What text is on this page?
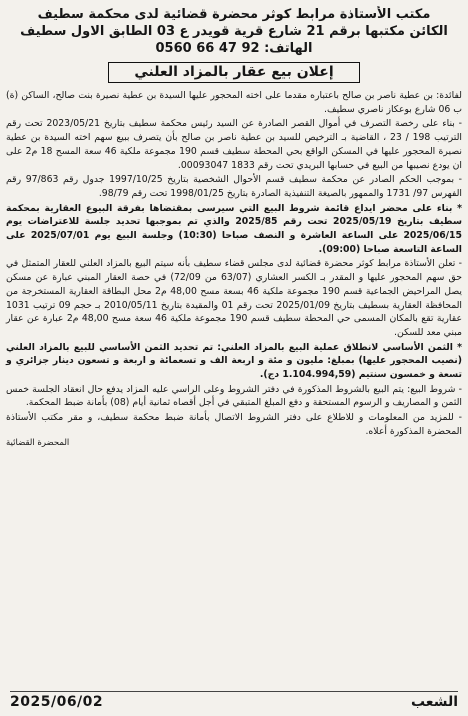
مكتب الأستاذة مرابط كوثر محضرة قضائية لدى محكمة سطيف
الكائن مكتبها برقم 21 شارع قرية قويدر ع 03 الطابق الاول سطيف
الهاتف: 0560 66 47 92
إعلان بيع عقار بالمزاد العلني

لفائدة: بن عطية ناصر بن صالح باعتباره مقدما على اخته المحجور عليها السيدة بن عطية نصيرة بنت صالح، الساكن (ة) ب 06 شارع بوعكاز ناصري سطيف.

- بناء على رخصة التصرف في أموال القصر الصادرة عن السيد رئيس محكمة سطيف بتاريخ 2023/05/21 تحت رقم الترتيب 198 / 23 ، القاضية بـ الترخيص للسيد بن عطية ناصر بن صالح بأن يتصرف ببيع سهم اخته السيدة بن عطية نصيرة المحجور عليها في المسكن الواقع بحي المحطة سطيف قسم 190 مجموعة ملكية 46 سعة المسح 18 م2 على ان يودع نصيبها من البيع في حسابها البريدي تحت رقم 1833 00093047.

- بموجب الحكم الصادر عن محكمة سطيف قسم الأحوال الشخصية بتاريخ 1997/10/25 جدول رقم 97/863 رقم الفهرس 97/ 1731 والممهور بالصيغة التنفيذية الصادرة بتاريخ 1998/01/25 تحت رقم 98/79.

* بناء على محضر ايداع قائمة شروط البيع التي سيرسى بمقتضاها بفرقة البيوع العقارية بمحكمة سطيف بتاريخ 2025/05/19 تحت رقم 2025/85 والذي تم بموجبها تحديد جلسة للاعتراضات يوم 2025/06/15 على الساعة العاشرة و النصف صباحا (10:30) وجلسة البيع يوم 2025/07/01 على الساعة التاسعة صباحا (09:00).

- تعلن الأستاذة مرابط كوثر محضرة قضائية لدى مجلس قضاء سطيف بأنه سيتم البيع بالمزاد العلني للعقار المتمثل في حق سهم المحجور عليها و المقدر بـ الكسر العشاري (63/07 من 72/09) في حصة العقار المبني عبارة عن مسكن يصل المراحيض الجماعية قسم 190 مجموعة ملكية 46 بسعة مسح 48,00 م2 محل البطاقة العقارية المستخرجة من المحافظة العقارية بسطيف بتاريخ 2025/01/09 تحت رقم 01 والمقيدة بتاريخ 2010/05/11 بـ حجم 09 ترتيب 1031 عقارية تقع بالمكان المسمى حي المحطة سطيف قسم 190 مجموعة ملكية 46 سعة مسح 48,00 م2 عبارة عن عقار مبني معد للسكن.

* الثمن الأساسي لانطلاق عملية البيع بالمزاد العلني: تم تحديد الثمن الأساسي للبيع بالمزاد العلني (نصيب المحجور عليها) بمبلغ: مليون و مئة و اربعة الف و تسعمائة و اربعة و تسعون دينار جزائري و تسعة و خمسون سنتيم (1.104.994,59 دج).

- شروط البيع: يتم البيع بالشروط المذكورة في دفتر الشروط وعلى الراسي عليه المزاد يدفع حال انعقاد الجلسة خمس الثمن و المصاريف و الرسوم المستحقة و دفع المبلغ المتبقي في أجل أقصاه ثمانية أيام (08) بأمانة ضبط المحكمة.

- للمزيد من المعلومات و للاطلاع على دفتر الشروط الاتصال بأمانة ضبط محكمة سطيف، و مقر مكتب الأستاذة المحضرة المذكورة أعلاه.

المحضرة القضائية
2025/06/02	الشعب
